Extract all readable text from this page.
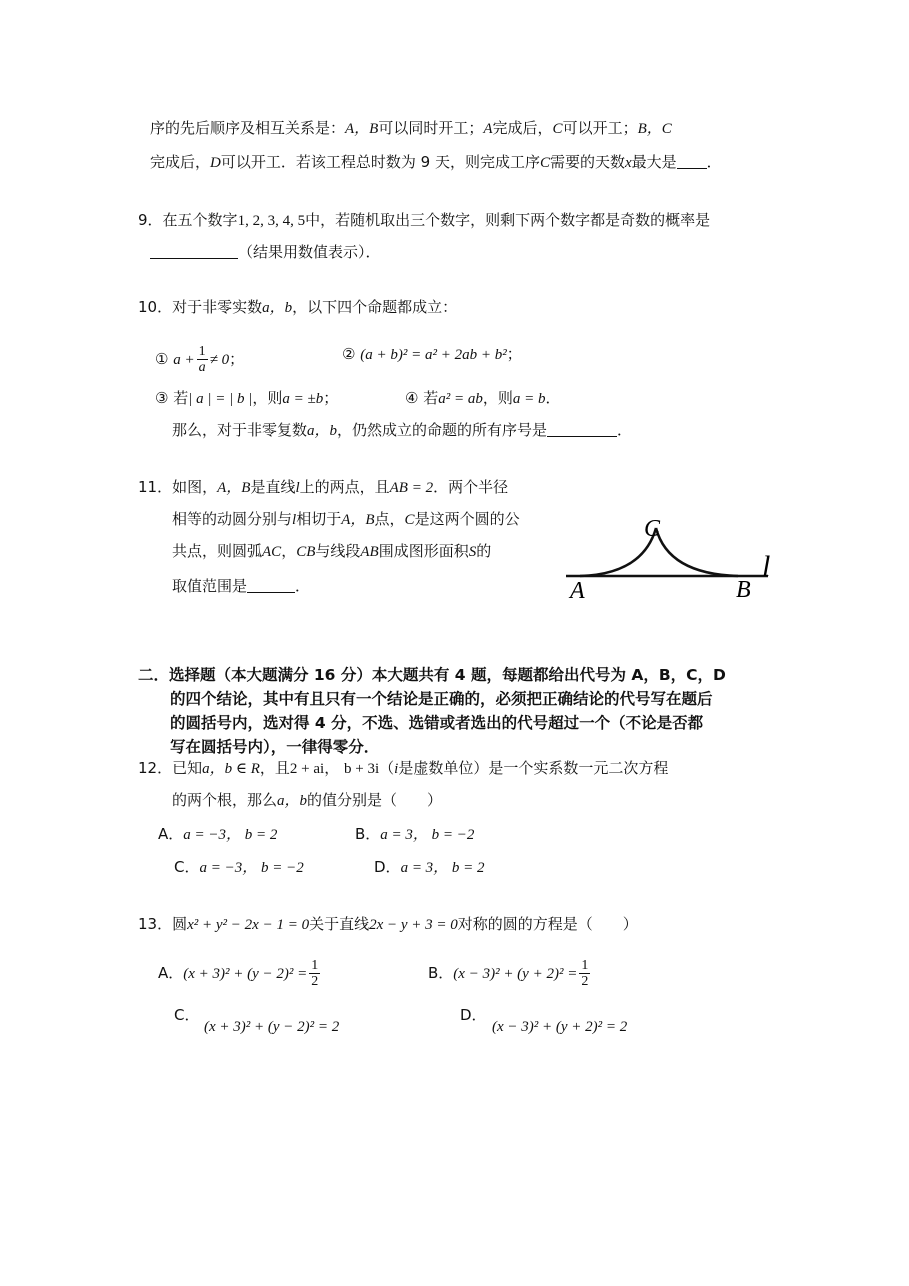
序的先后顺序及相互关系是：A，B可以同时开工；A完成后，C可以开工；B，C
完成后，D可以开工．若该工程总时数为 9 天，则完成工序C需要的天数x最大是 ．
9．在五个数字1, 2, 3, 4, 5中，若随机取出三个数字，则剩下两个数字都是奇数的概率是
（结果用数值表示）．
10．对于非零实数a，b，以下四个命题都成立：
① $a + \frac{1}{a} \ne 0$；	② (a + b)² = a² + 2ab + b²；
③ 若| a | = | b |，则a = ±b；	④ 若a² = ab，则a = b．
那么，对于非零复数a，b，仍然成立的命题的所有序号是	．
11．如图，A，B是直线l上的两点，且AB = 2．两个半径
相等的动圆分别与l相切于A，B点，C是这两个圆的公
共点，则圆弧AC，CB与线段AB围成图形面积S的
取值范围是	．
C
A	B
l
二．选择题（本大题满分 16 分）本大题共有 4 题，每题都给出代号为 A，B，C，D
的四个结论，其中有且只有一个结论是正确的，必须把正确结论的代号写在题后
的圆括号内，选对得 4 分，不选、选错或者选出的代号超过一个（不论是否都
写在圆括号内），一律得零分．
12．已知a，b ∈ R，且2 + ai， b + 3i（i是虚数单位）是一个实系数一元二次方程
的两个根，那么a，b的值分别是（　　）
A．a = −3， b = 2	B．a = 3， b = −2
C．a = −3， b = −2	D．a = 3， b = 2
13．圆x² + y² − 2x − 1 = 0关于直线2x − y + 3 = 0对称的圆的方程是（　　）
A．$(x + 3)^2 + (y - 2)^2 = \frac{1}{2}$	B．$(x - 3)^2 + (y + 2)^2 = \frac{1}{2}$
C．
(x + 3)² + (y − 2)² = 2
D．
(x − 3)² + (y + 2)² = 2
